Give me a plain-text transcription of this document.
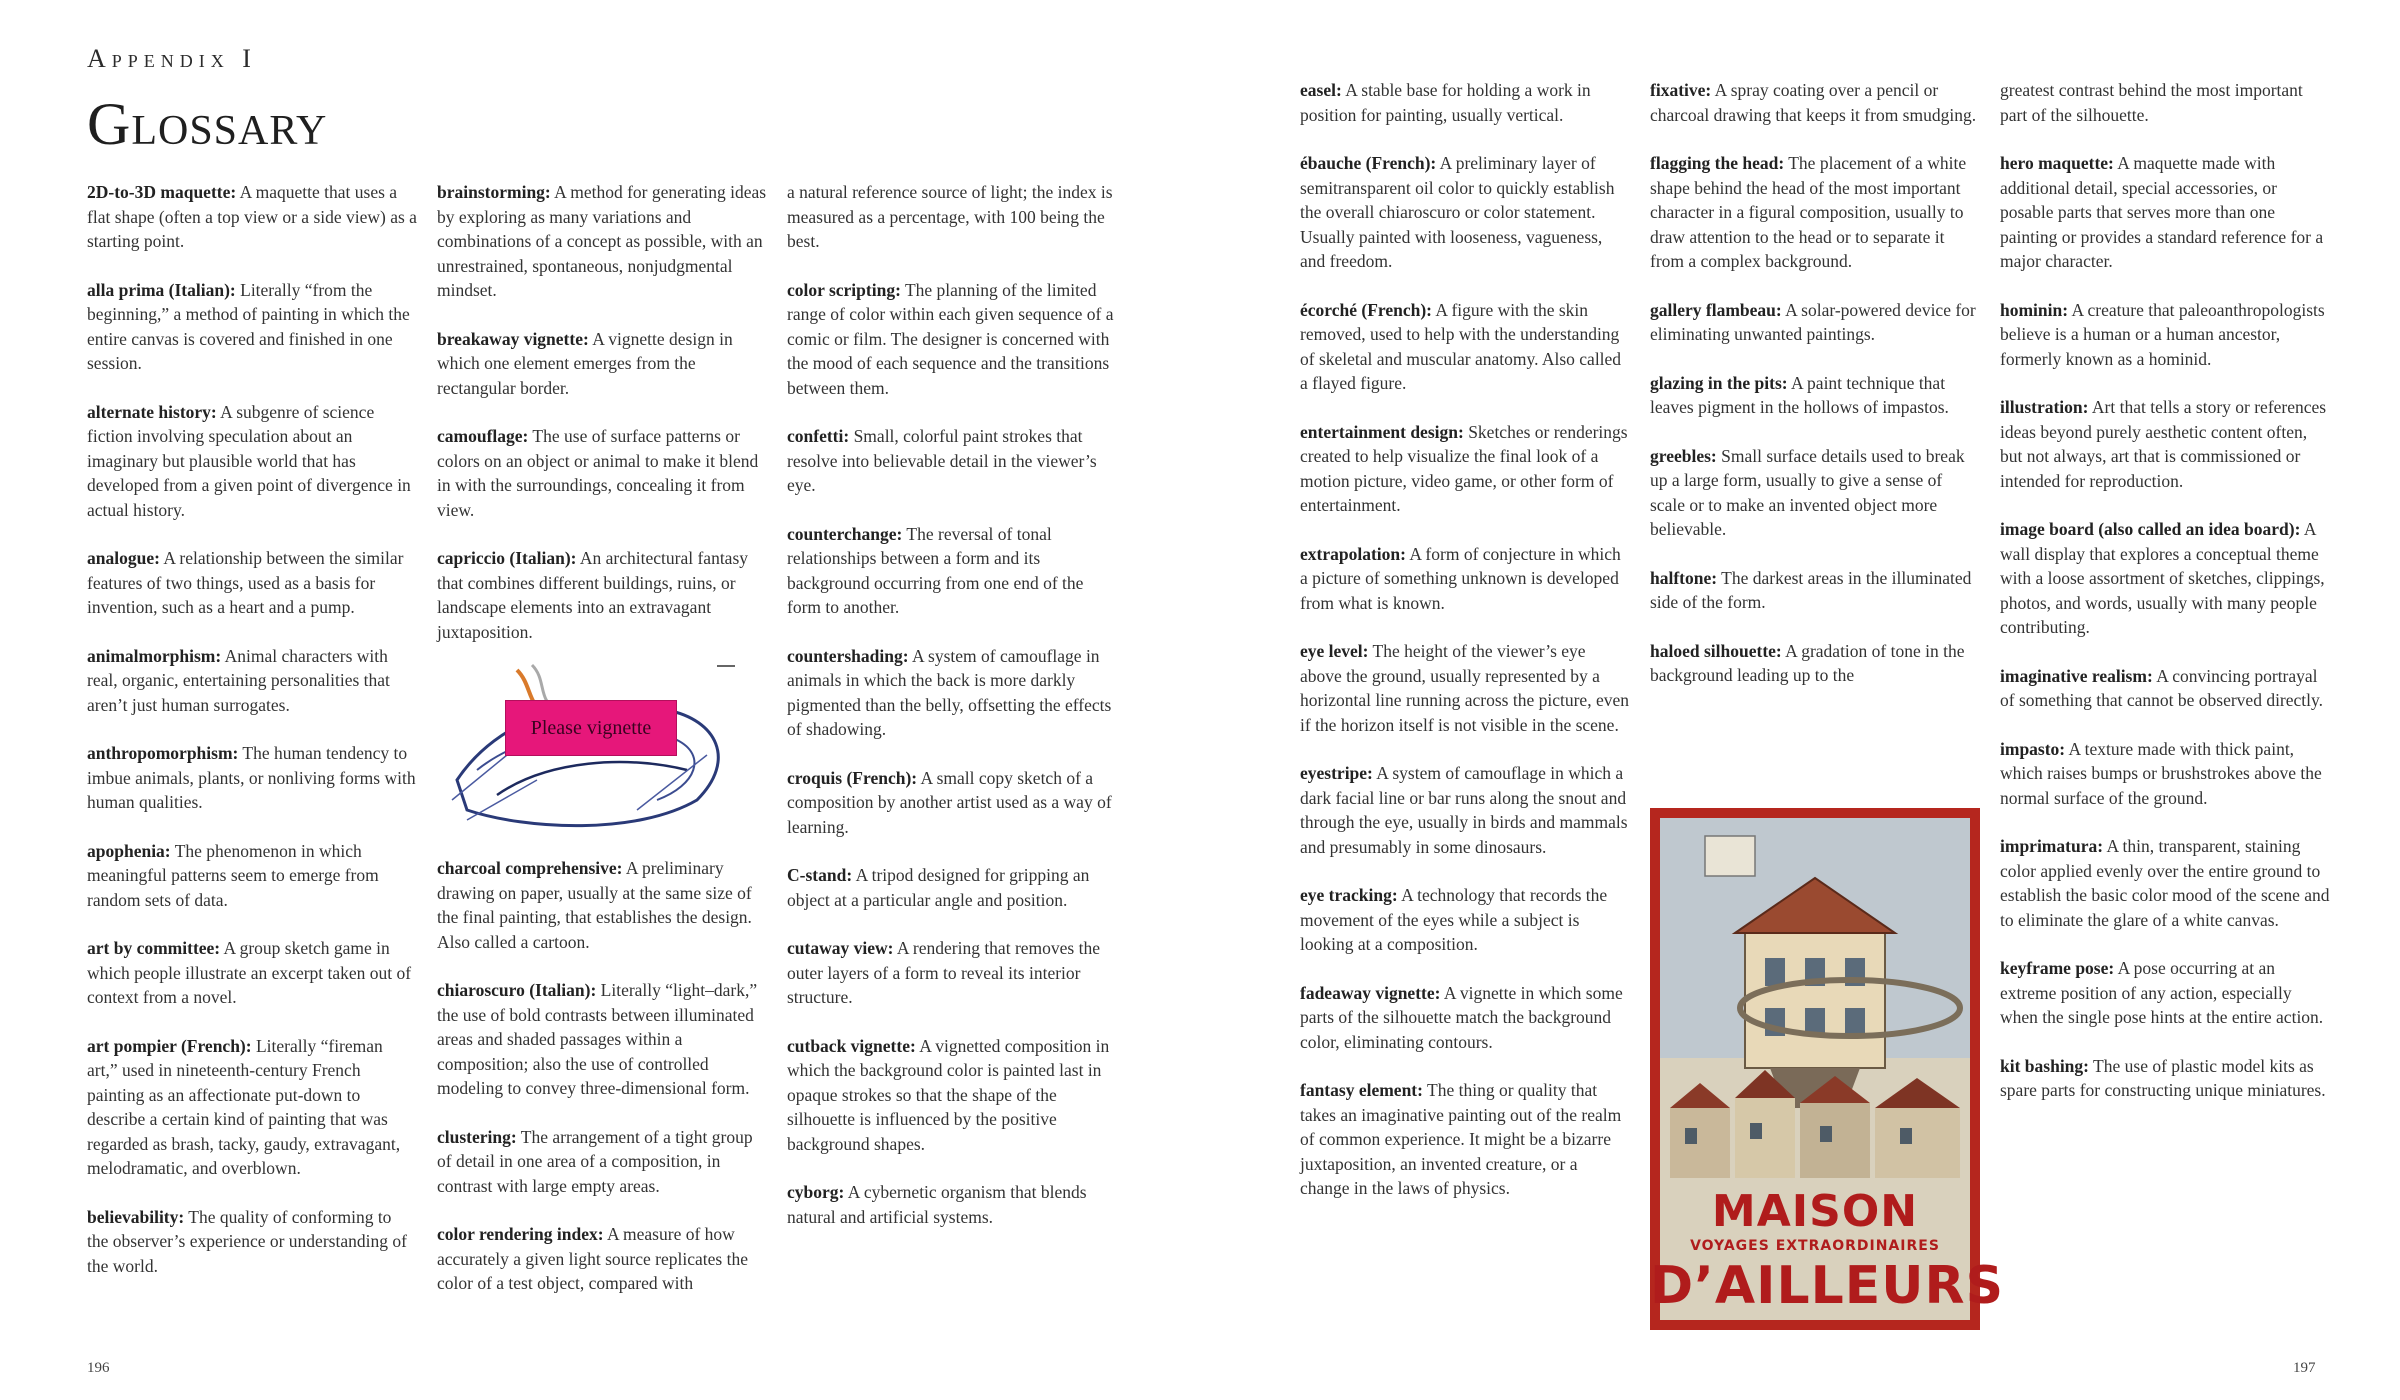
Appendix I
Glossary

2D-to-3D maquette: A maquette that uses a flat shape (often a top view or a side view) as a starting point.

alla prima (Italian): Literally “from the beginning,” a method of painting in which the entire canvas is covered and finished in one session.

alternate history: A subgenre of science fiction involving speculation about an imaginary but plausible world that has developed from a given point of divergence in actual history.

analogue: A relationship between the similar features of two things, used as a basis for invention, such as a heart and a pump.

animalmorphism: Animal characters with real, organic, entertaining personalities that aren’t just human surrogates.

anthropomorphism: The human tendency to imbue animals, plants, or nonliving forms with human qualities.

apophenia: The phenomenon in which meaningful patterns seem to emerge from random sets of data.

art by committee: A group sketch game in which people illustrate an excerpt taken out of context from a novel.

art pompier (French): Literally “fireman art,” used in nineteenth-century French painting as an affectionate put-down to describe a certain kind of painting that was regarded as brash, tacky, gaudy, extravagant, melodramatic, and overblown.

believability: The quality of conforming to the observer’s experience or understanding of the world.

brainstorming: A method for generating ideas by exploring as many variations and combinations of a concept as possible, with an unrestrained, spontaneous, nonjudgmental mindset.

breakaway vignette: A vignette design in which one element emerges from the rectangular border.

camouflage: The use of surface patterns or colors on an object or animal to make it blend in with the surroundings, concealing it from view.

capriccio (Italian): An architectural fantasy that combines different buildings, ruins, or landscape elements into an extravagant juxtaposition.

Please vignette

charcoal comprehensive: A preliminary drawing on paper, usually at the same size of the final painting, that establishes the design. Also called a cartoon.

chiaroscuro (Italian): Literally “light–dark,” the use of bold contrasts between illuminated areas and shaded passages within a composition; also the use of controlled modeling to convey three-dimensional form.

clustering: The arrangement of a tight group of detail in one area of a composition, in contrast with large empty areas.

color rendering index: A measure of how accurately a given light source replicates the color of a test object, compared with

a natural reference source of light; the index is measured as a percentage, with 100 being the best.

color scripting: The planning of the limited range of color within each given sequence of a comic or film. The designer is concerned with the mood of each sequence and the transitions between them.

confetti: Small, colorful paint strokes that resolve into believable detail in the viewer’s eye.

counterchange: The reversal of tonal relationships between a form and its background occurring from one end of the form to another.

countershading: A system of camouflage in animals in which the back is more darkly pigmented than the belly, offsetting the effects of shadowing.

croquis (French): A small copy sketch of a composition by another artist used as a way of learning.

C-stand: A tripod designed for gripping an object at a particular angle and position.

cutaway view: A rendering that removes the outer layers of a form to reveal its interior structure.

cutback vignette: A vignetted composition in which the background color is painted last in opaque strokes so that the shape of the silhouette is influenced by the positive background shapes.

cyborg: A cybernetic organism that blends natural and artificial systems.

196	197

easel: A stable base for holding a work in position for painting, usually vertical.

ébauche (French): A preliminary layer of semitransparent oil color to quickly establish the overall chiaroscuro or color statement. Usually painted with looseness, vagueness, and freedom.

écorché (French): A figure with the skin removed, used to help with the understanding of skeletal and muscular anatomy. Also called a flayed figure.

entertainment design: Sketches or renderings created to help visualize the final look of a motion picture, video game, or other form of entertainment.

extrapolation: A form of conjecture in which a picture of something unknown is developed from what is known.

eye level: The height of the viewer’s eye above the ground, usually represented by a horizontal line running across the picture, even if the horizon itself is not visible in the scene.

eyestripe: A system of camouflage in which a dark facial line or bar runs along the snout and through the eye, usually in birds and mammals and presumably in some dinosaurs.

eye tracking: A technology that records the movement of the eyes while a subject is looking at a composition.

fadeaway vignette: A vignette in which some parts of the silhouette match the background color, eliminating contours.

fantasy element: The thing or quality that takes an imaginative painting out of the realm of common experience. It might be a bizarre juxtaposition, an invented creature, or a change in the laws of physics.

fixative: A spray coating over a pencil or charcoal drawing that keeps it from smudging.

flagging the head: The placement of a white shape behind the head of the most important character in a figural composition, usually to draw attention to the head or to separate it from a complex background.

gallery flambeau: A solar-powered device for eliminating unwanted paintings.

glazing in the pits: A paint technique that leaves pigment in the hollows of impastos.

greebles: Small surface details used to break up a large form, usually to give a sense of scale or to make an invented object more believable.

halftone: The darkest areas in the illuminated side of the form.

haloed silhouette: A gradation of tone in the background leading up to the

greatest contrast behind the most important part of the silhouette.

hero maquette: A maquette made with additional detail, special accessories, or posable parts that serves more than one painting or provides a standard reference for a major character.

hominin: A creature that paleoanthropologists believe is a human or a human ancestor, formerly known as a hominid.

illustration: Art that tells a story or references ideas beyond purely aesthetic content often, but not always, art that is commissioned or intended for reproduction.

image board (also called an idea board): A wall display that explores a conceptual theme with a loose assortment of sketches, clippings, photos, and words, usually with many people contributing.

imaginative realism: A convincing portrayal of something that cannot be observed directly.

impasto: A texture made with thick paint, which raises bumps or brushstrokes above the normal surface of the ground.

imprimatura: A thin, transparent, staining color applied evenly over the entire ground to establish the basic color mood of the scene and to eliminate the glare of a white canvas.

keyframe pose: A pose occurring at an extreme position of any action, especially when the single pose hints at the entire action.

kit bashing: The use of plastic model kits as spare parts for constructing unique miniatures.

MAISON
VOYAGES EXTRAORDINAIRES
D’AILLEURS
